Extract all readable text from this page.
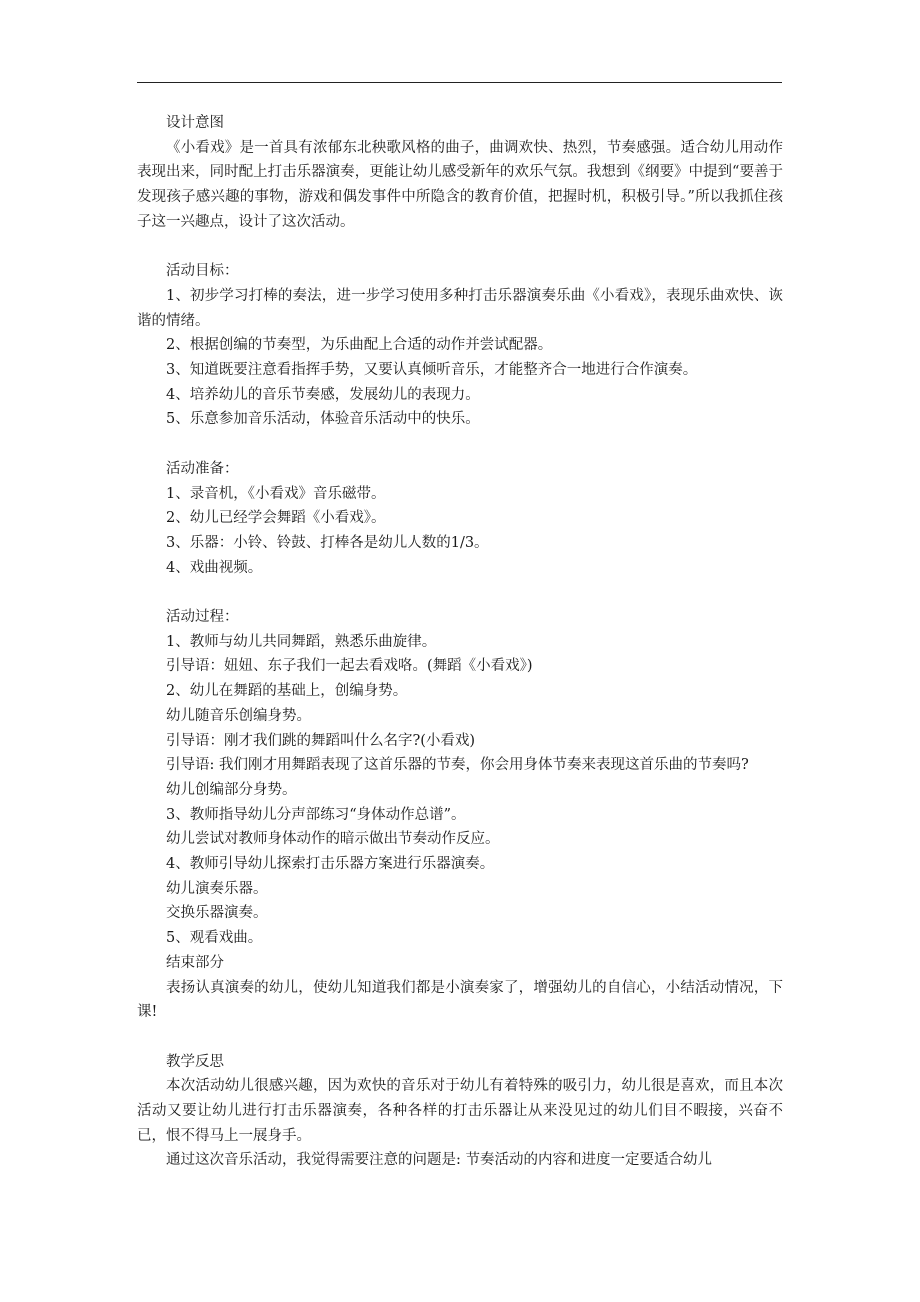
设计意图

《小看戏》是一首具有浓郁东北秧歌风格的曲子，曲调欢快、热烈，节奏感强。适合幼儿用动作表现出来，同时配上打击乐器演奏，更能让幼儿感受新年的欢乐气氛。我想到《纲要》中提到“要善于发现孩子感兴趣的事物，游戏和偶发事件中所隐含的教育价值，把握时机，积极引导。”所以我抓住孩子这一兴趣点，设计了这次活动。

活动目标：

1、初步学习打棒的奏法，进一步学习使用多种打击乐器演奏乐曲《小看戏》，表现乐曲欢快、诙谐的情绪。

2、根据创编的节奏型，为乐曲配上合适的动作并尝试配器。

3、知道既要注意看指挥手势，又要认真倾听音乐，才能整齐合一地进行合作演奏。

4、培养幼儿的音乐节奏感，发展幼儿的表现力。

5、乐意参加音乐活动，体验音乐活动中的快乐。

活动准备：

1、录音机，《小看戏》音乐磁带。

2、幼儿已经学会舞蹈《小看戏》。

3、乐器：小铃、铃鼓、打棒各是幼儿人数的1/3。

4、戏曲视频。

活动过程：

1、教师与幼儿共同舞蹈，熟悉乐曲旋律。

引导语：妞妞、东子我们一起去看戏咯。(舞蹈《小看戏》)

2、幼儿在舞蹈的基础上，创编身势。

幼儿随音乐创编身势。

引导语：刚才我们跳的舞蹈叫什么名字?(小看戏)

引导语: 我们刚才用舞蹈表现了这首乐器的节奏，你会用身体节奏来表现这首乐曲的节奏吗?

幼儿创编部分身势。

3、教师指导幼儿分声部练习“身体动作总谱”。

幼儿尝试对教师身体动作的暗示做出节奏动作反应。

4、教师引导幼儿探索打击乐器方案进行乐器演奏。

幼儿演奏乐器。

交换乐器演奏。

5、观看戏曲。

结束部分

表扬认真演奏的幼儿，使幼儿知道我们都是小演奏家了，增强幼儿的自信心，小结活动情况，下课!

教学反思

本次活动幼儿很感兴趣，因为欢快的音乐对于幼儿有着特殊的吸引力，幼儿很是喜欢，而且本次活动又要让幼儿进行打击乐器演奏，各种各样的打击乐器让从来没见过的幼儿们目不暇接，兴奋不已，恨不得马上一展身手。

通过这次音乐活动，我觉得需要注意的问题是: 节奏活动的内容和进度一定要适合幼儿
